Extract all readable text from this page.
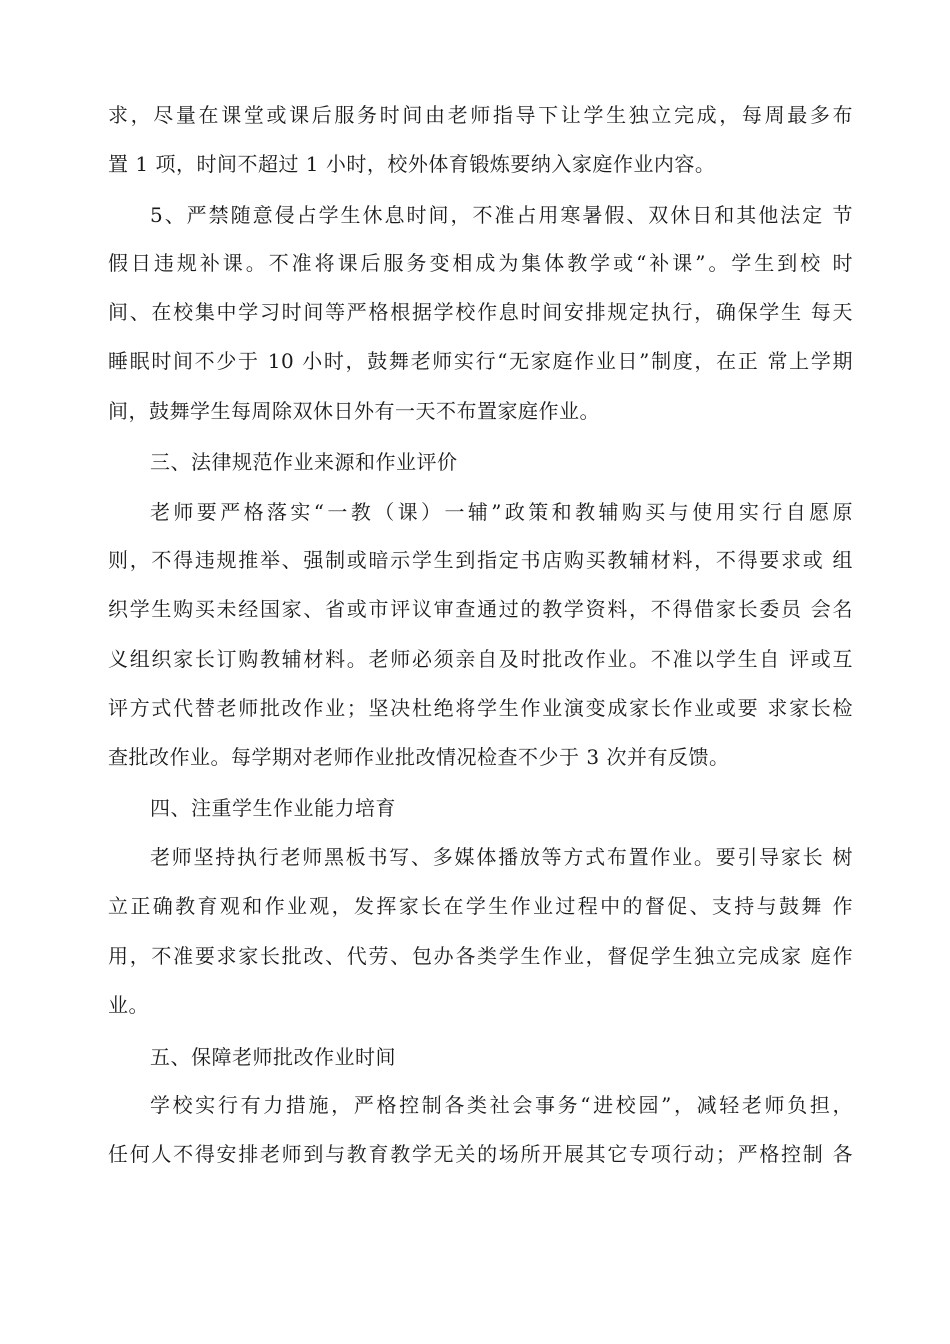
求，尽量在课堂或课后服务时间由老师指导下让学生独立完成，每周最多布
置 1 项，时间不超过 1 小时，校外体育锻炼要纳入家庭作业内容。
5、严禁随意侵占学生休息时间，不准占用寒暑假、双休日和其他法定 节
假日违规补课。不准将课后服务变相成为集体教学或“补课”。学生到校 时
间、在校集中学习时间等严格根据学校作息时间安排规定执行，确保学生 每天
睡眠时间不少于 10 小时，鼓舞老师实行“无家庭作业日”制度，在正 常上学期
间，鼓舞学生每周除双休日外有一天不布置家庭作业。
三、法律规范作业来源和作业评价
老师要严格落实“一教（课）一辅”政策和教辅购买与使用实行自愿原
则，不得违规推举、强制或暗示学生到指定书店购买教辅材料，不得要求或 组
织学生购买未经国家、省或市评议审查通过的教学资料，不得借家长委员 会名
义组织家长订购教辅材料。老师必须亲自及时批改作业。不准以学生自 评或互
评方式代替老师批改作业；坚决杜绝将学生作业演变成家长作业或要 求家长检
查批改作业。每学期对老师作业批改情况检查不少于 3 次并有反馈。
四、注重学生作业能力培育
老师坚持执行老师黑板书写、多媒体播放等方式布置作业。要引导家长 树
立正确教育观和作业观，发挥家长在学生作业过程中的督促、支持与鼓舞 作
用，不准要求家长批改、代劳、包办各类学生作业，督促学生独立完成家 庭作
业。
五、保障老师批改作业时间
学校实行有力措施，严格控制各类社会事务“进校园”，减轻老师负担，
任何人不得安排老师到与教育教学无关的场所开展其它专项行动；严格控制 各
